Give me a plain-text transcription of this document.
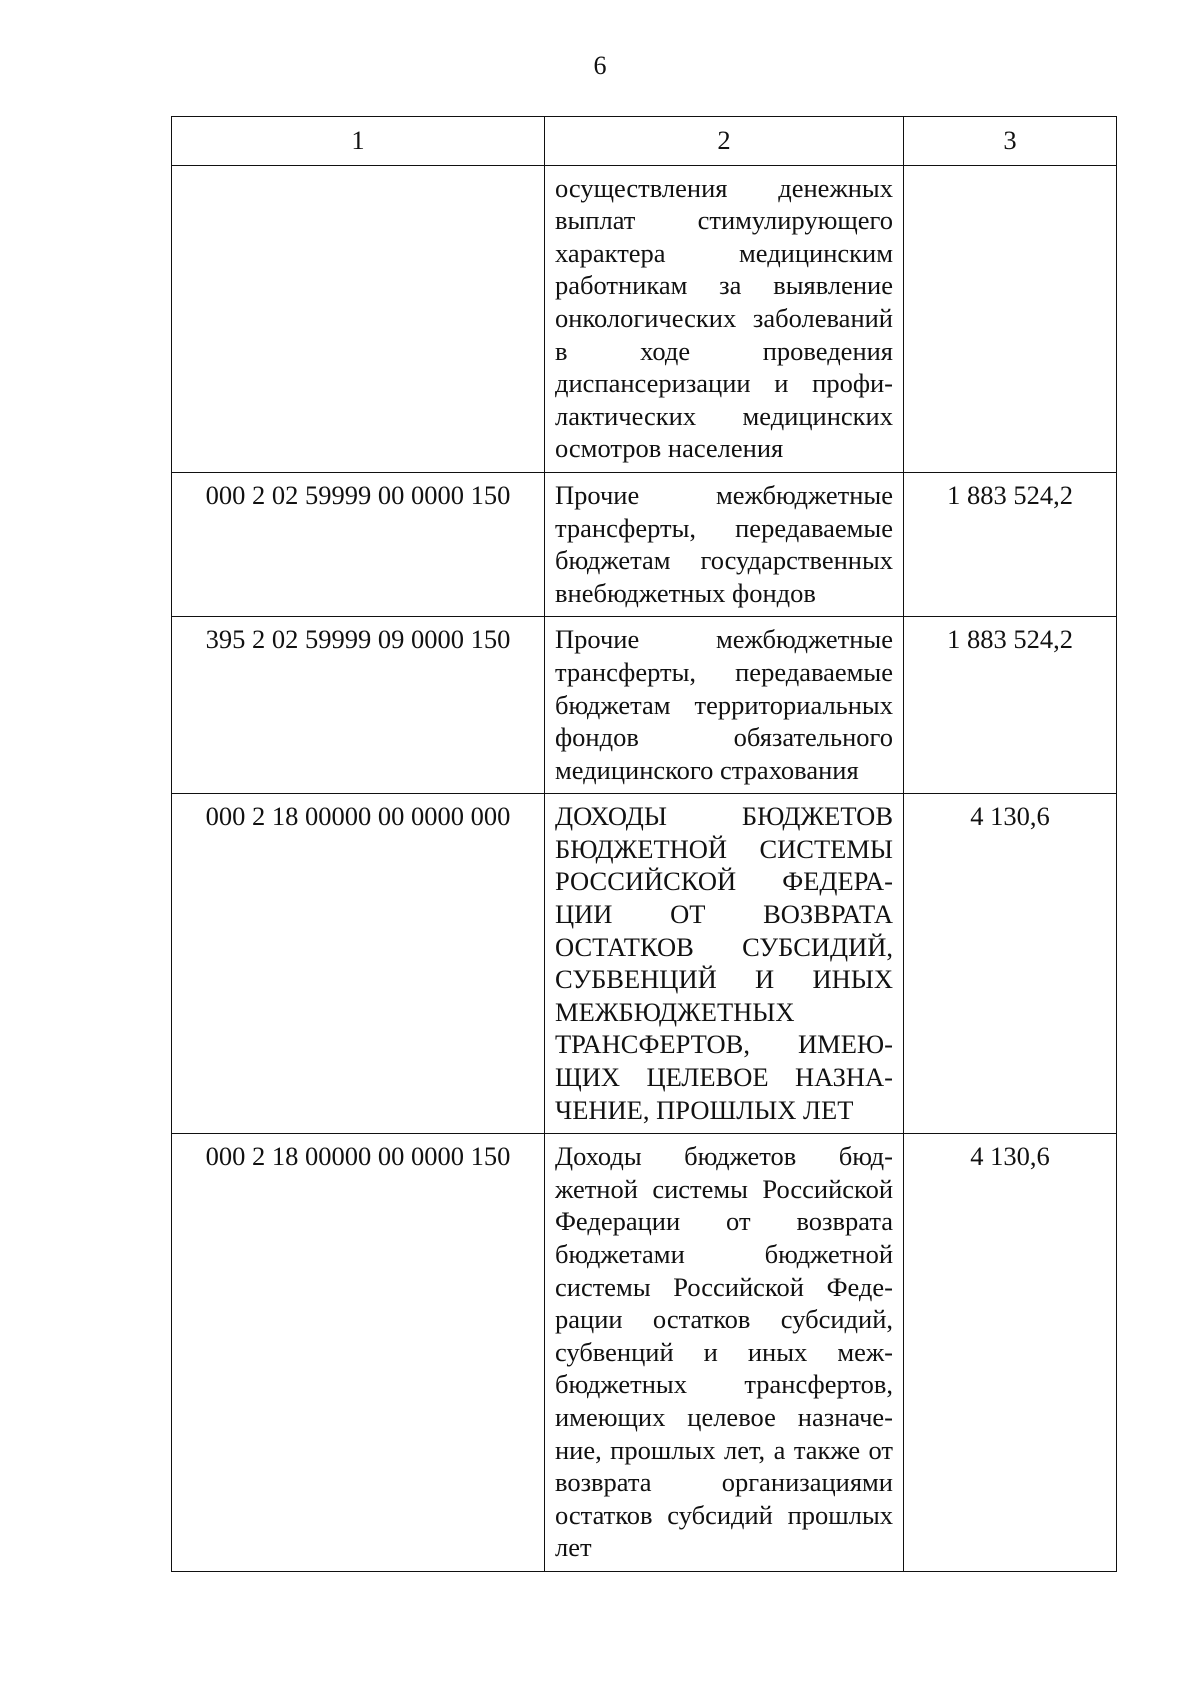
6
1	2	3
	осуществления денежных выплат стимулирующего характера медицинским работникам за выявление онкологических заболеваний в ходе проведения диспансеризации и профилактических медицинских осмотров населения	
000 2 02 59999 00 0000 150	Прочие межбюджетные трансферты, передаваемые бюджетам государственных внебюджетных фондов	1 883 524,2
395 2 02 59999 09 0000 150	Прочие межбюджетные трансферты, передаваемые бюджетам территориальных фондов обязательного медицинского страхования	1 883 524,2
000 2 18 00000 00 0000 000	ДОХОДЫ БЮДЖЕТОВ БЮДЖЕТНОЙ СИСТЕМЫ РОССИЙСКОЙ ФЕДЕРАЦИИ ОТ ВОЗВРАТА ОСТАТКОВ СУБСИДИЙ, СУБВЕНЦИЙ И ИНЫХ МЕЖБЮДЖЕТНЫХ ТРАНСФЕРТОВ, ИМЕЮЩИХ ЦЕЛЕВОЕ НАЗНАЧЕНИЕ, ПРОШЛЫХ ЛЕТ	4 130,6
000 2 18 00000 00 0000 150	Доходы бюджетов бюджетной системы Российской Федерации от возврата бюджетами бюджетной системы Российской Федерации остатков субсидий, субвенций и иных межбюджетных трансфертов, имеющих целевое назначение, прошлых лет, а также от возврата организациями остатков субсидий прошлых лет	4 130,6
